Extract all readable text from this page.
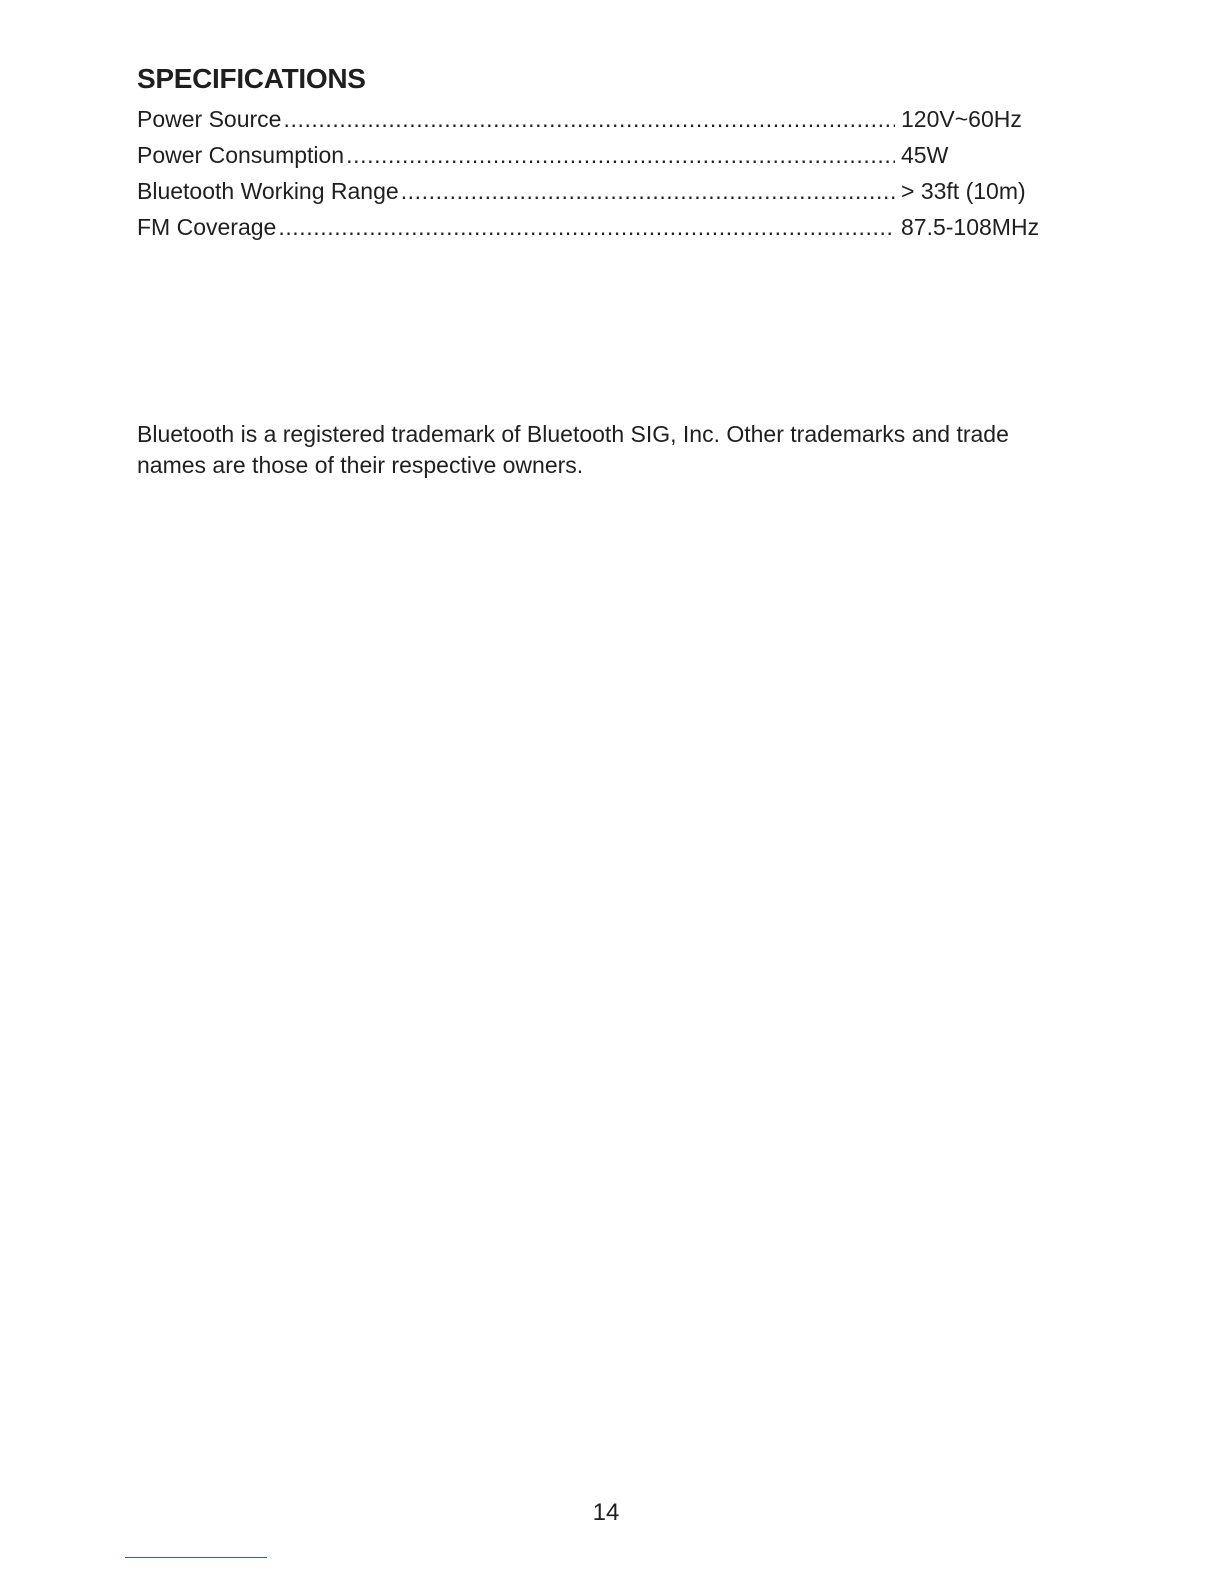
SPECIFICATIONS
Power Source .....	120V~60Hz
Power Consumption .....	45W
Bluetooth Working Range .....	> 33ft (10m)
FM Coverage .....	87.5-108MHz

Bluetooth is a registered trademark of Bluetooth SIG, Inc. Other trademarks and trade names are those of their respective owners.

14
